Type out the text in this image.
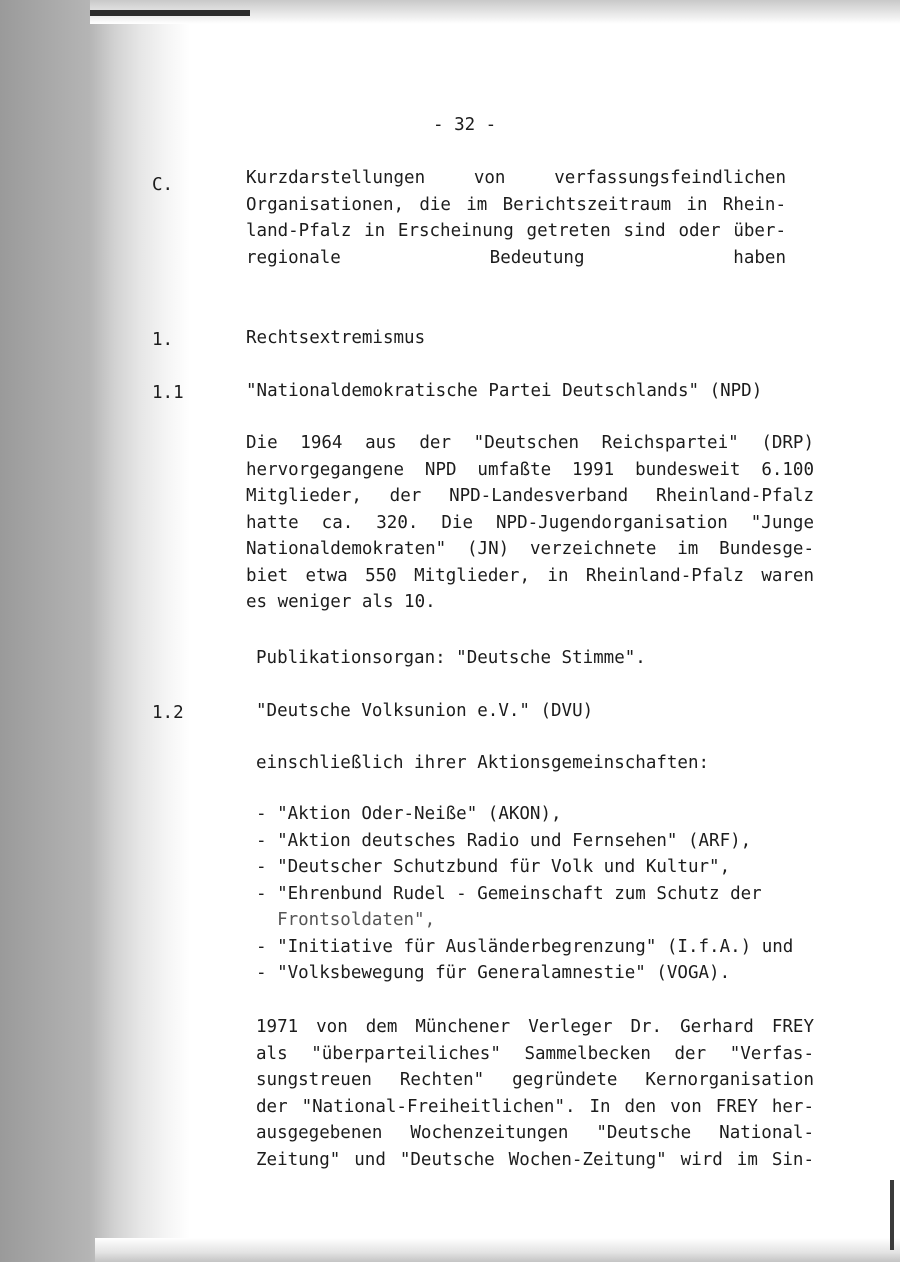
- 32 -
C.	Kurzdarstellungen von verfassungsfeindlichen
Organisationen, die im Berichtszeitraum in Rhein-
land-Pfalz in Erscheinung getreten sind oder über-
regionale Bedeutung haben
1.	Rechtsextremismus
1.1	"Nationaldemokratische Partei Deutschlands" (NPD)
Die 1964 aus der "Deutschen Reichspartei" (DRP)
hervorgegangene NPD umfaßte 1991 bundesweit 6.100
Mitglieder, der NPD-Landesverband Rheinland-Pfalz
hatte ca. 320. Die NPD-Jugendorganisation "Junge
Nationaldemokraten" (JN) verzeichnete im Bundesge-
biet etwa 550 Mitglieder, in Rheinland-Pfalz waren
es weniger als 10.
Publikationsorgan: "Deutsche Stimme".
1.2	"Deutsche Volksunion e.V." (DVU)
einschließlich ihrer Aktionsgemeinschaften:
- "Aktion Oder-Neiße" (AKON),
- "Aktion deutsches Radio und Fernsehen" (ARF),
- "Deutscher Schutzbund für Volk und Kultur",
- "Ehrenbund Rudel - Gemeinschaft zum Schutz der
Frontsoldaten",
- "Initiative für Ausländerbegrenzung" (I.f.A.) und
- "Volksbewegung für Generalamnestie" (VOGA).
1971 von dem Münchener Verleger Dr. Gerhard FREY
als "überparteiliches" Sammelbecken der "Verfas-
sungstreuen Rechten" gegründete Kernorganisation
der "National-Freiheitlichen". In den von FREY her-
ausgegebenen Wochenzeitungen "Deutsche National-
Zeitung" und "Deutsche Wochen-Zeitung" wird im Sin-
